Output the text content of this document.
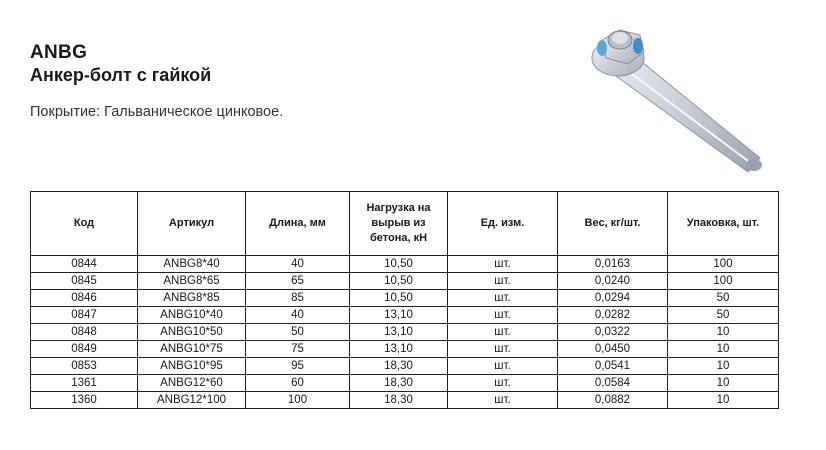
ANBG
Анкер-болт с гайкой
Покрытие: Гальваническое цинковое.
Код	Артикул	Длина, мм	Нагрузка на вырыв из бетона, кН	Ед. изм.	Вес, кг/шт.	Упаковка, шт.
0844	ANBG8*40	40	10,50	шт.	0,0163	100
0845	ANBG8*65	65	10,50	шт.	0,0240	100
0846	ANBG8*85	85	10,50	шт.	0,0294	50
0847	ANBG10*40	40	13,10	шт.	0,0282	50
0848	ANBG10*50	50	13,10	шт.	0,0322	10
0849	ANBG10*75	75	13,10	шт.	0,0450	10
0853	ANBG10*95	95	18,30	шт.	0,0541	10
1361	ANBG12*60	60	18,30	шт.	0,0584	10
1360	ANBG12*100	100	18,30	шт.	0,0882	10
